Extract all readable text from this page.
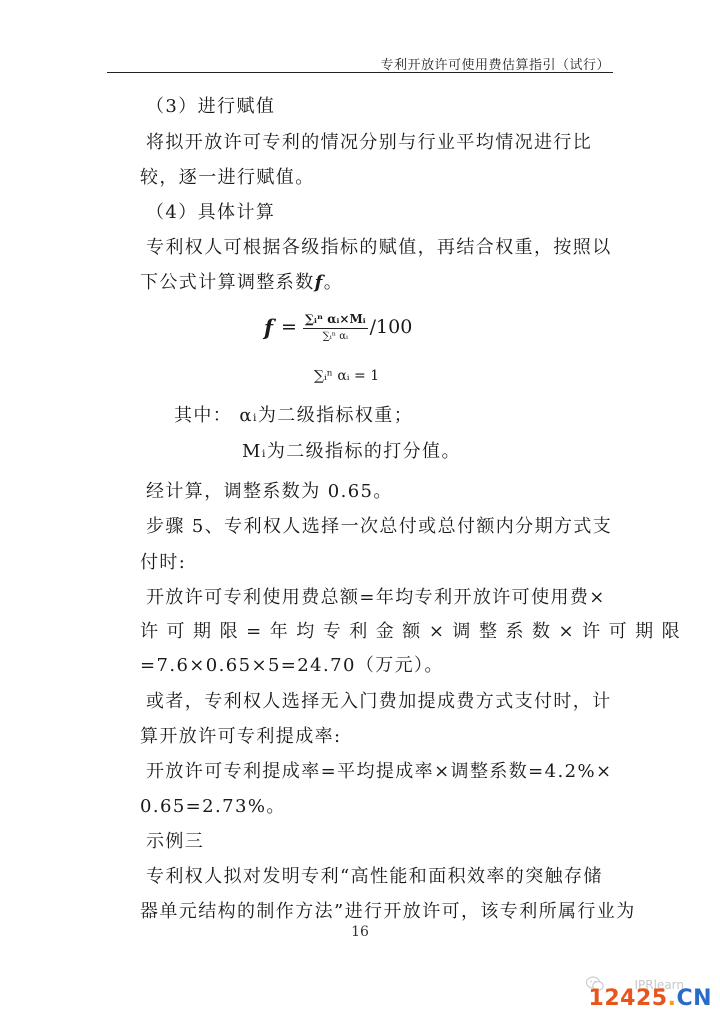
专利开放许可使用费估算指引（试行）
（3）进行赋值
将拟开放许可专利的情况分别与行业平均情况进行比
较，逐一进行赋值。
（4）具体计算
专利权人可根据各级指标的赋值，再结合权重，按照以
下公式计算调整系数f。
$f = \frac{\text{∑ᵢⁿ αᵢ×Mᵢ}}{\text{∑ᵢⁿ αᵢ}} /100$
∑ᵢⁿ αᵢ = 1
其中： αᵢ为二级指标权重；
Mᵢ为二级指标的打分值。
经计算，调整系数为 0.65。
步骤 5、专利权人选择一次总付或总付额内分期方式支
付时:
开放许可专利使用费总额=年均专利开放许可使用费×
许 可 期 限 = 年 均 专 利 金 额 × 调 整 系 数 × 许 可 期 限
=7.6×0.65×5=24.70（万元）。
或者，专利权人选择无入门费加提成费方式支付时，计
算开放许可专利提成率:
开放许可专利提成率=平均提成率×调整系数=4.2%×
0.65=2.73%。
示例三
专利权人拟对发明专利“高性能和面积效率的突触存储
器单元结构的制作方法”进行开放许可，该专利所属行业为
16
IPRlearn
12425.CN
